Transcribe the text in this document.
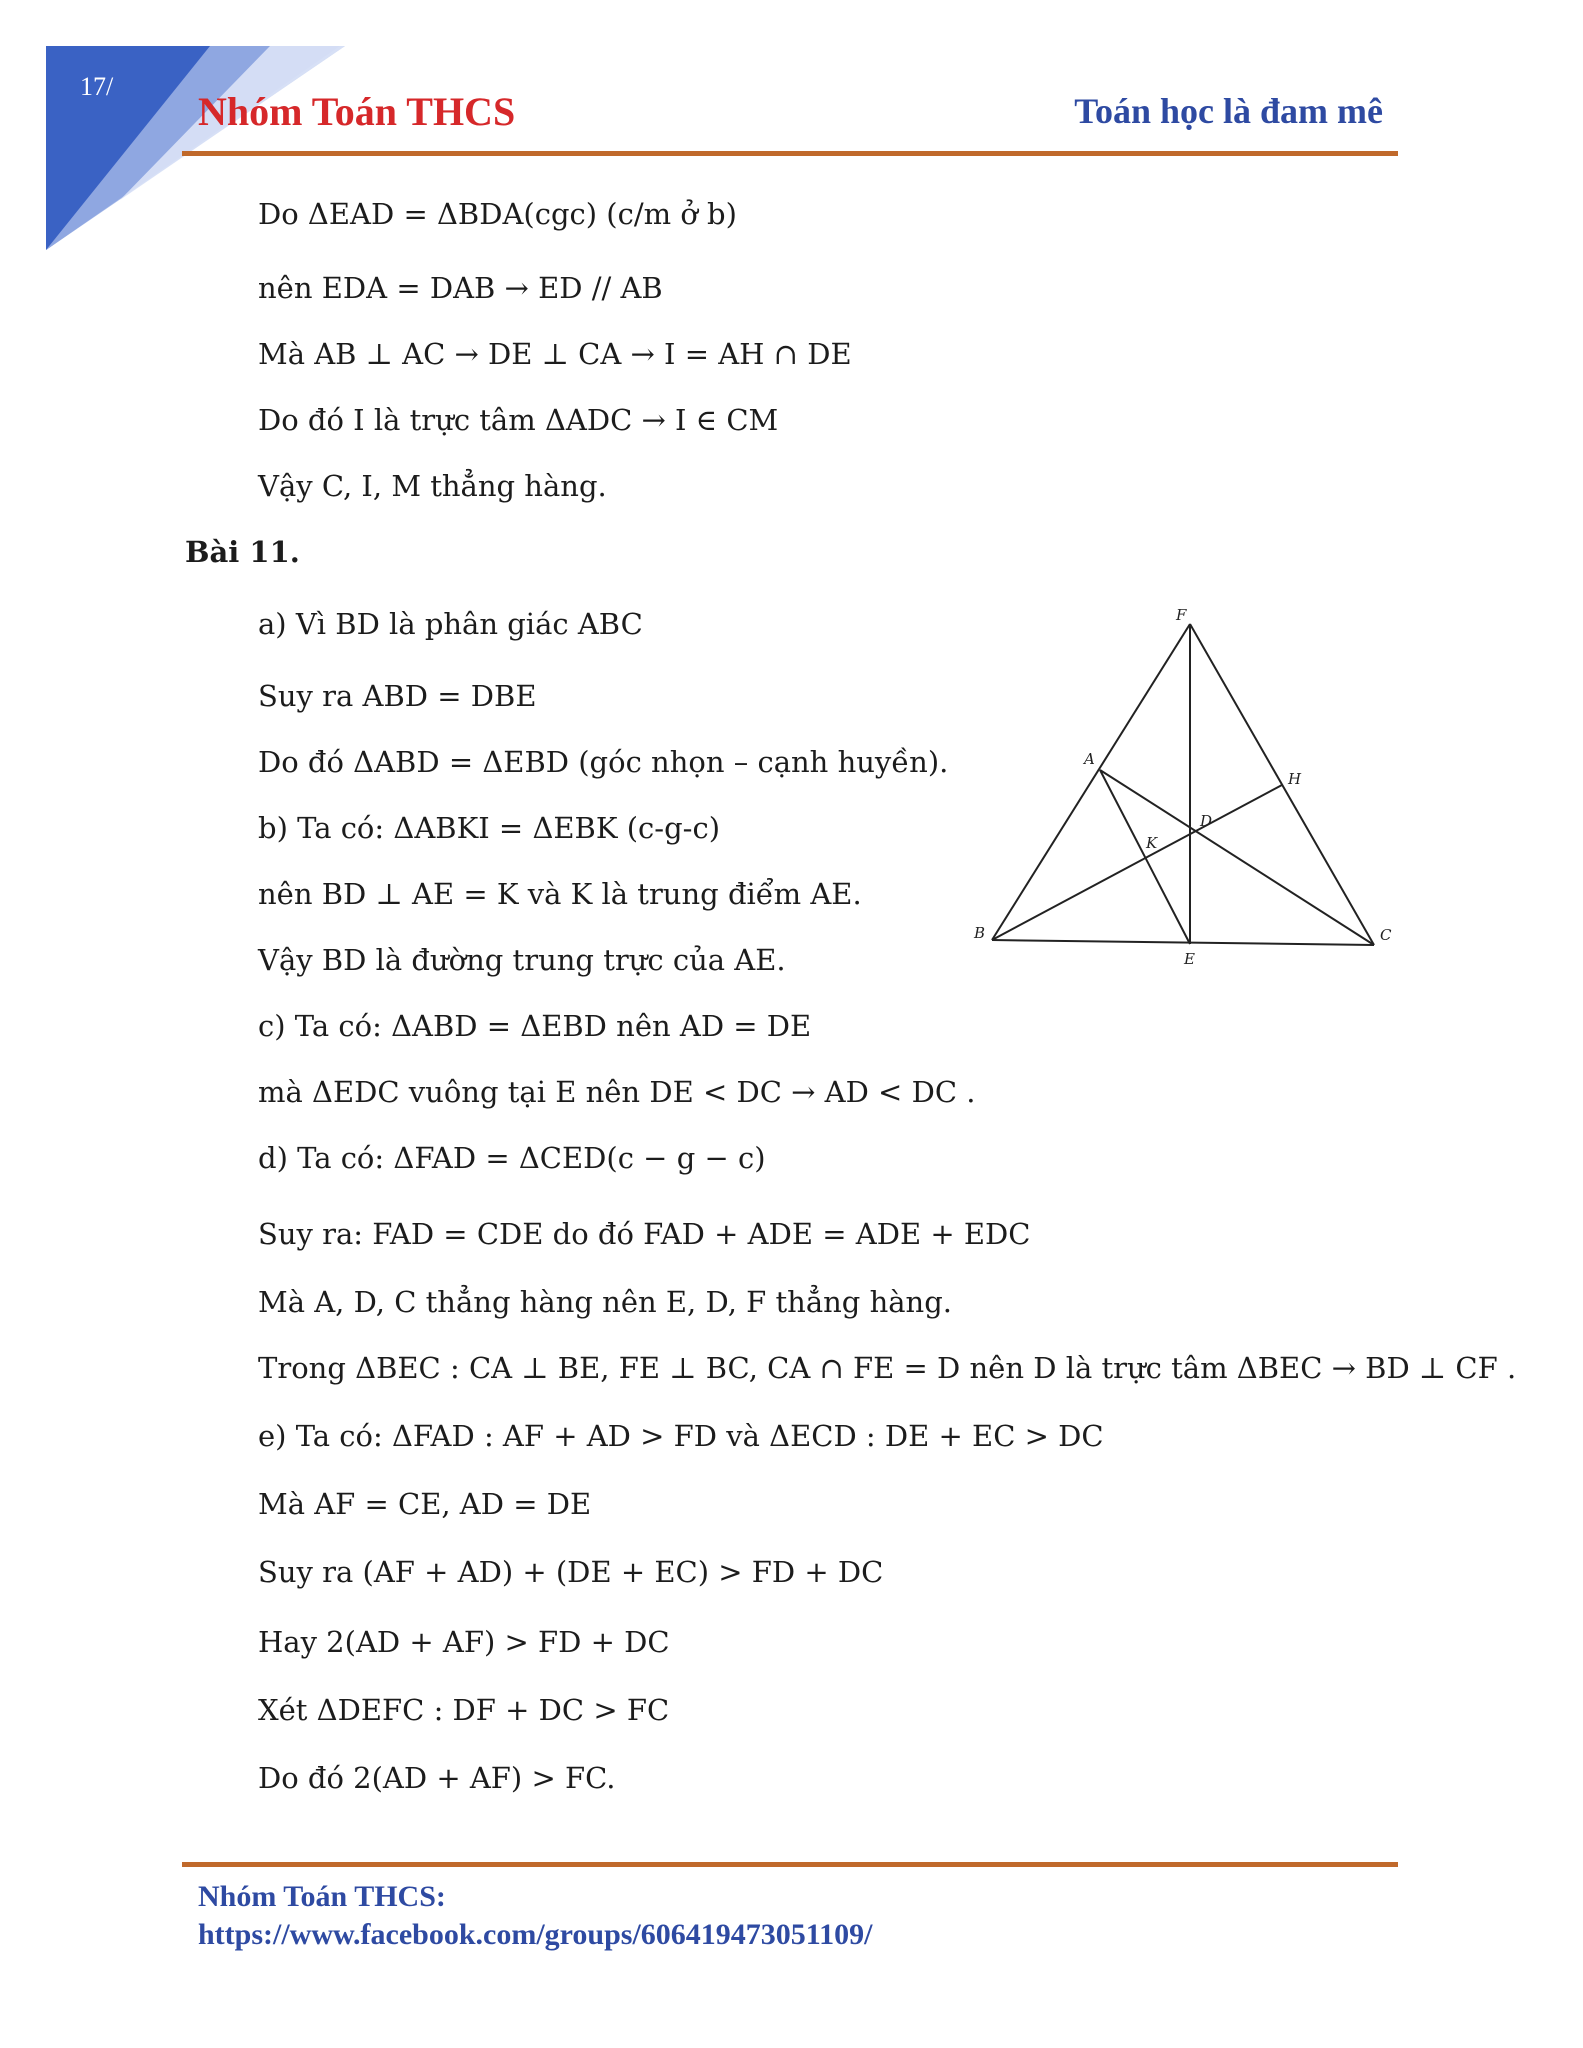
17/
Nhóm Toán THCS	Toán học là đam mê
Do ΔEAD = ΔBDA(cgc) (c/m ở b)
nên EDA = DAB → ED // AB
Mà AB ⊥ AC → DE ⊥ CA → I = AH ∩ DE
Do đó I là trực tâm ΔADC → I ∈ CM
Vậy C, I, M thẳng hàng.
Bài 11.
a) Vì BD là phân giác ABC
Suy ra ABD = DBE
Do đó ΔABD = ΔEBD (góc nhọn – cạnh huyền).
b) Ta có: ΔABKI = ΔEBK (c-g-c)
nên BD ⊥ AE = K và K là trung điểm AE.
Vậy BD là đường trung trực của AE.
c) Ta có: ΔABD = ΔEBD nên AD = DE
mà ΔEDC vuông tại E nên DE < DC → AD < DC .
d) Ta có: ΔFAD = ΔCED(c − g − c)
Suy ra: FAD = CDE do đó FAD + ADE = ADE + EDC
Mà A, D, C thẳng hàng nên E, D, F thẳng hàng.
Trong ΔBEC : CA ⊥ BE, FE ⊥ BC, CA ∩ FE = D nên D là trực tâm ΔBEC → BD ⊥ CF .
e) Ta có: ΔFAD : AF + AD > FD và ΔECD : DE + EC > DC
Mà AF = CE, AD = DE
Suy ra (AF + AD) + (DE + EC) > FD + DC
Hay 2(AD + AF) > FD + DC
Xét ΔDEFC : DF + DC > FC
Do đó 2(AD + AF) > FC.
F
A
H
D
K
B
E
C
Nhóm Toán THCS:
https://www.facebook.com/groups/606419473051109/
